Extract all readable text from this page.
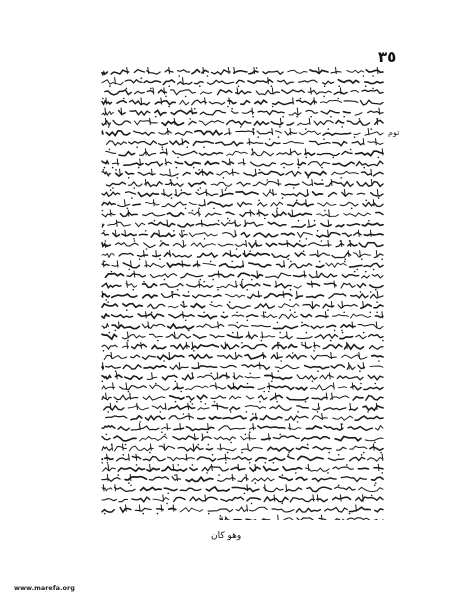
٣٥
توم
وهو كان
www.marefa.org
